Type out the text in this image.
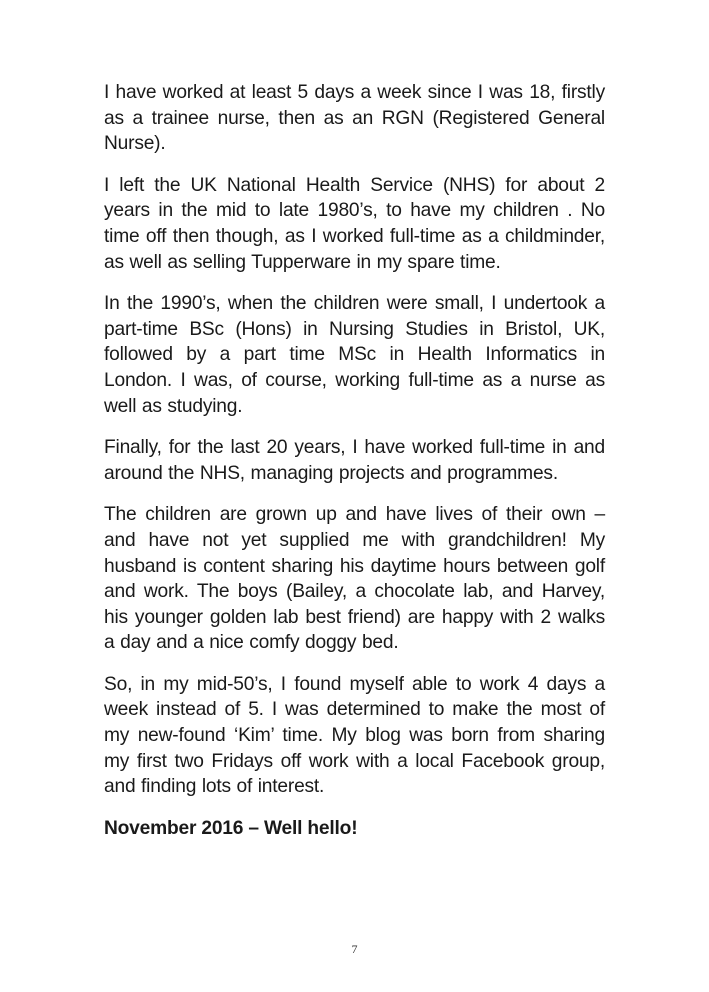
I have worked at least 5 days a week since I was 18, firstly as a trainee nurse, then as an RGN (Registered General Nurse).

I left the UK National Health Service (NHS) for about 2 years in the mid to late 1980’s, to have my children . No time off then though, as I worked full-time as a childminder, as well as selling Tupperware in my spare time.

In the 1990’s, when the children were small, I undertook a part-time BSc (Hons) in Nursing Studies in Bristol, UK, followed by a part time MSc in Health Informatics in London. I was, of course, working full-time as a nurse as well as studying.

Finally, for the last 20 years, I have worked full-time in and around the NHS, managing projects and programmes.

The children are grown up and have lives of their own – and have not yet supplied me with grandchildren! My husband is content sharing his daytime hours between golf and work. The boys (Bailey, a chocolate lab, and Harvey, his younger golden lab best friend) are happy with 2 walks a day and a nice comfy doggy bed.

So, in my mid-50’s, I found myself able to work 4 days a week instead of 5. I was determined to make the most of my new-found ‘Kim’ time. My blog was born from sharing my first two Fridays off work with a local Facebook group, and finding lots of interest.

November 2016 – Well hello!

7
